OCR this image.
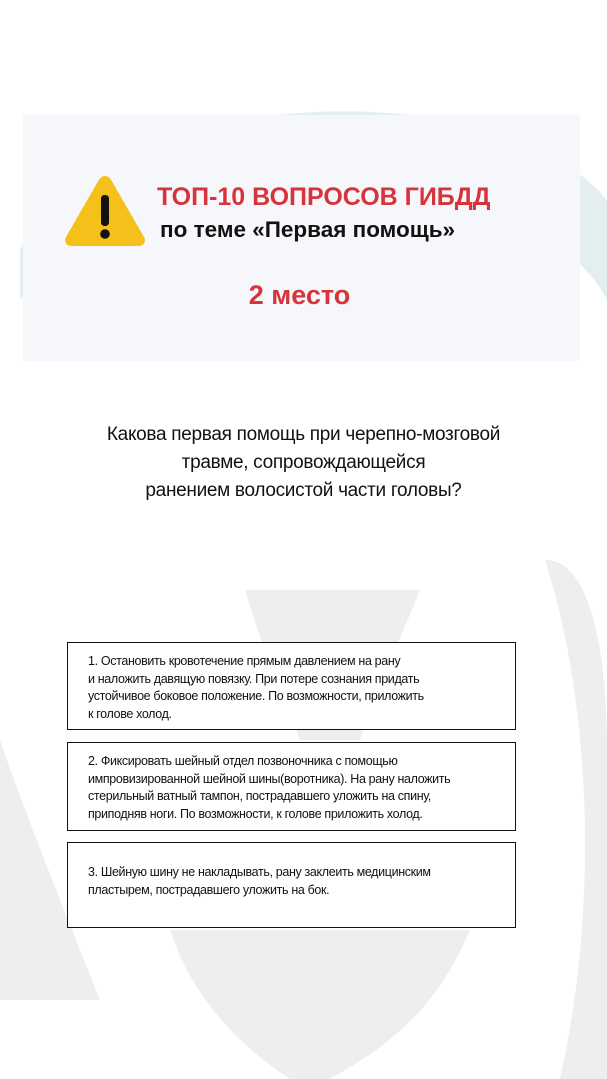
ТОП-10 ВОПРОСОВ ГИБДД
по теме «Первая помощь»
2 место
Какова первая помощь при черепно-мозговой
травме, сопровождающейся
ранением волосистой части головы?
1. Остановить кровотечение прямым давлением на рану
и наложить давящую повязку. При потере сознания придать
устойчивое боковое положение. По возможности, приложить
к голове холод.
2. Фиксировать шейный отдел позвоночника с помощью
импровизированной шейной шины(воротника). На рану наложить
стерильный ватный тампон, пострадавшего уложить на спину,
приподняв ноги. По возможности, к голове приложить холод.
3. Шейную шину не накладывать, рану заклеить медицинским
пластырем, пострадавшего уложить на бок.
